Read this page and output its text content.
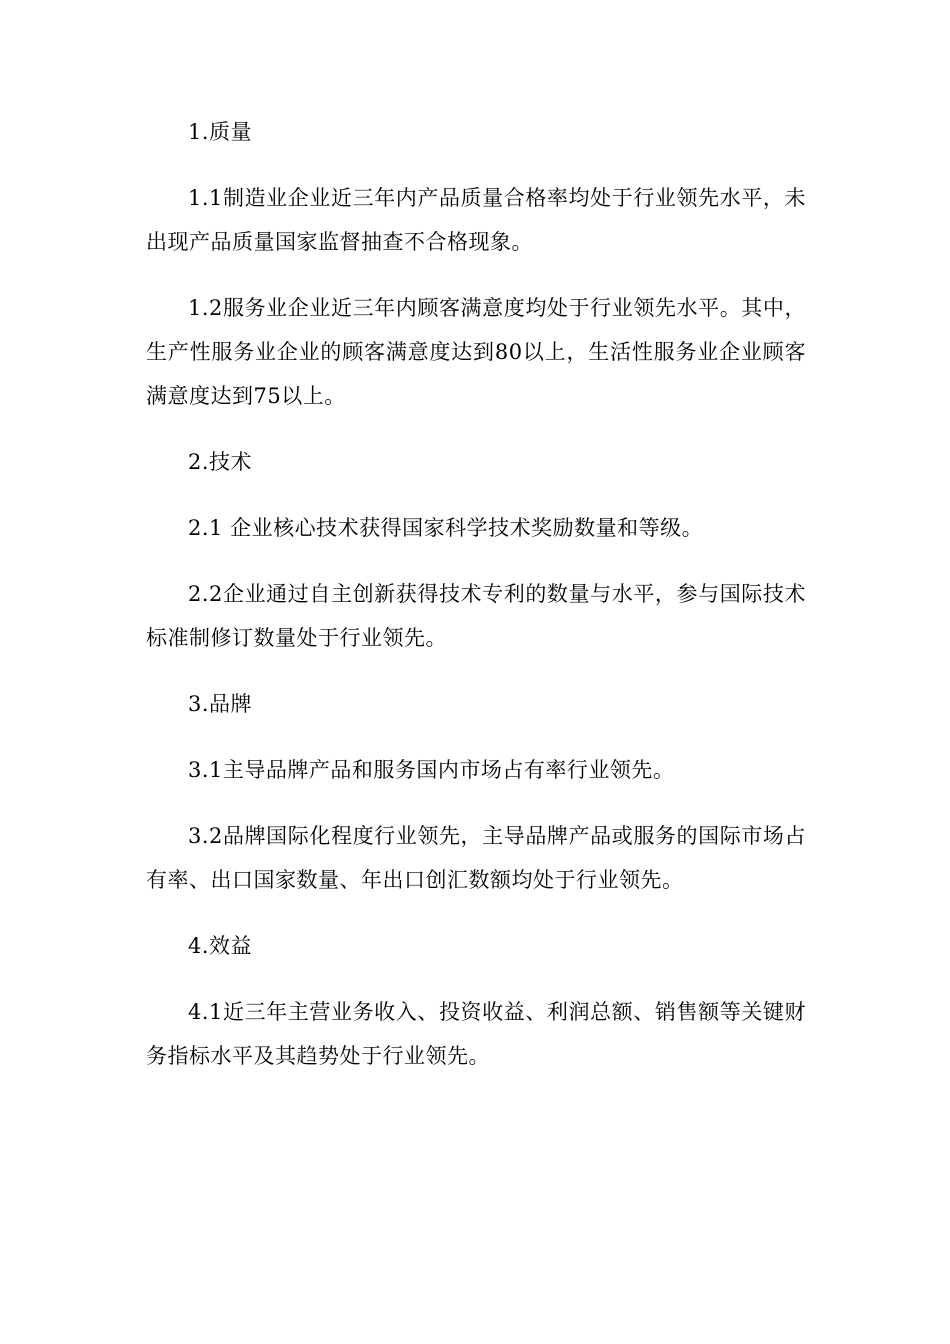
1.质量

1.1制造业企业近三年内产品质量合格率均处于行业领先水平，未出现产品质量国家监督抽查不合格现象。

1.2服务业企业近三年内顾客满意度均处于行业领先水平。其中，生产性服务业企业的顾客满意度达到80以上，生活性服务业企业顾客满意度达到75以上。

2.技术

2.1 企业核心技术获得国家科学技术奖励数量和等级。

2.2企业通过自主创新获得技术专利的数量与水平，参与国际技术标准制修订数量处于行业领先。

3.品牌

3.1主导品牌产品和服务国内市场占有率行业领先。

3.2品牌国际化程度行业领先，主导品牌产品或服务的国际市场占有率、出口国家数量、年出口创汇数额均处于行业领先。

4.效益

4.1近三年主营业务收入、投资收益、利润总额、销售额等关键财务指标水平及其趋势处于行业领先。
